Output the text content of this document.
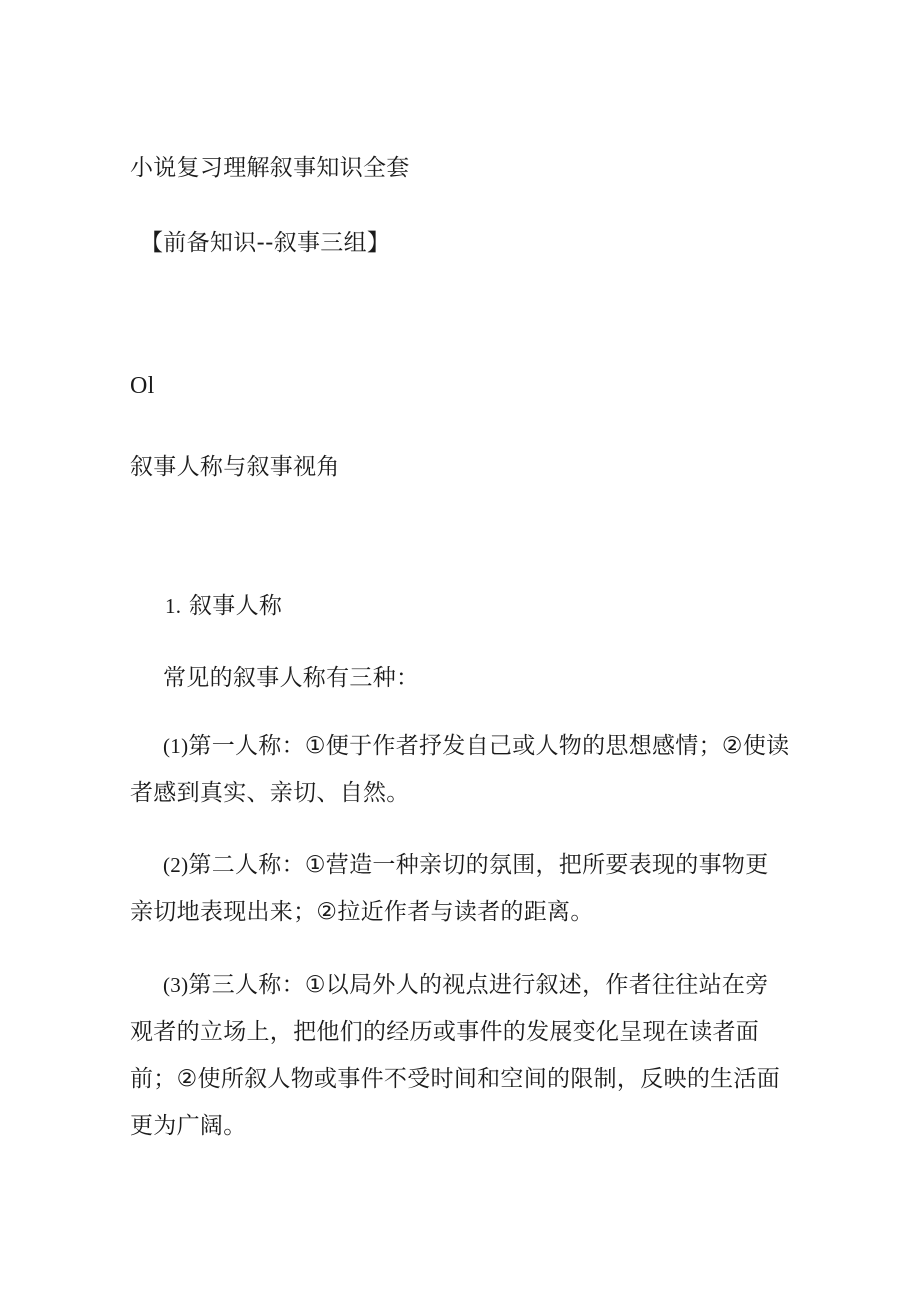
小说复习理解叙事知识全套

【前备知识--叙事三组】

Ol

叙事人称与叙事视角

1. 叙事人称

常见的叙事人称有三种：

(1)第一人称：①便于作者抒发自己或人物的思想感情；②使读者感到真实、亲切、自然。

(2)第二人称：①营造一种亲切的氛围，把所要表现的事物更亲切地表现出来；②拉近作者与读者的距离。

(3)第三人称：①以局外人的视点进行叙述，作者往往站在旁观者的立场上，把他们的经历或事件的发展变化呈现在读者面前；②使所叙人物或事件不受时间和空间的限制，反映的生活面更为广阔。
